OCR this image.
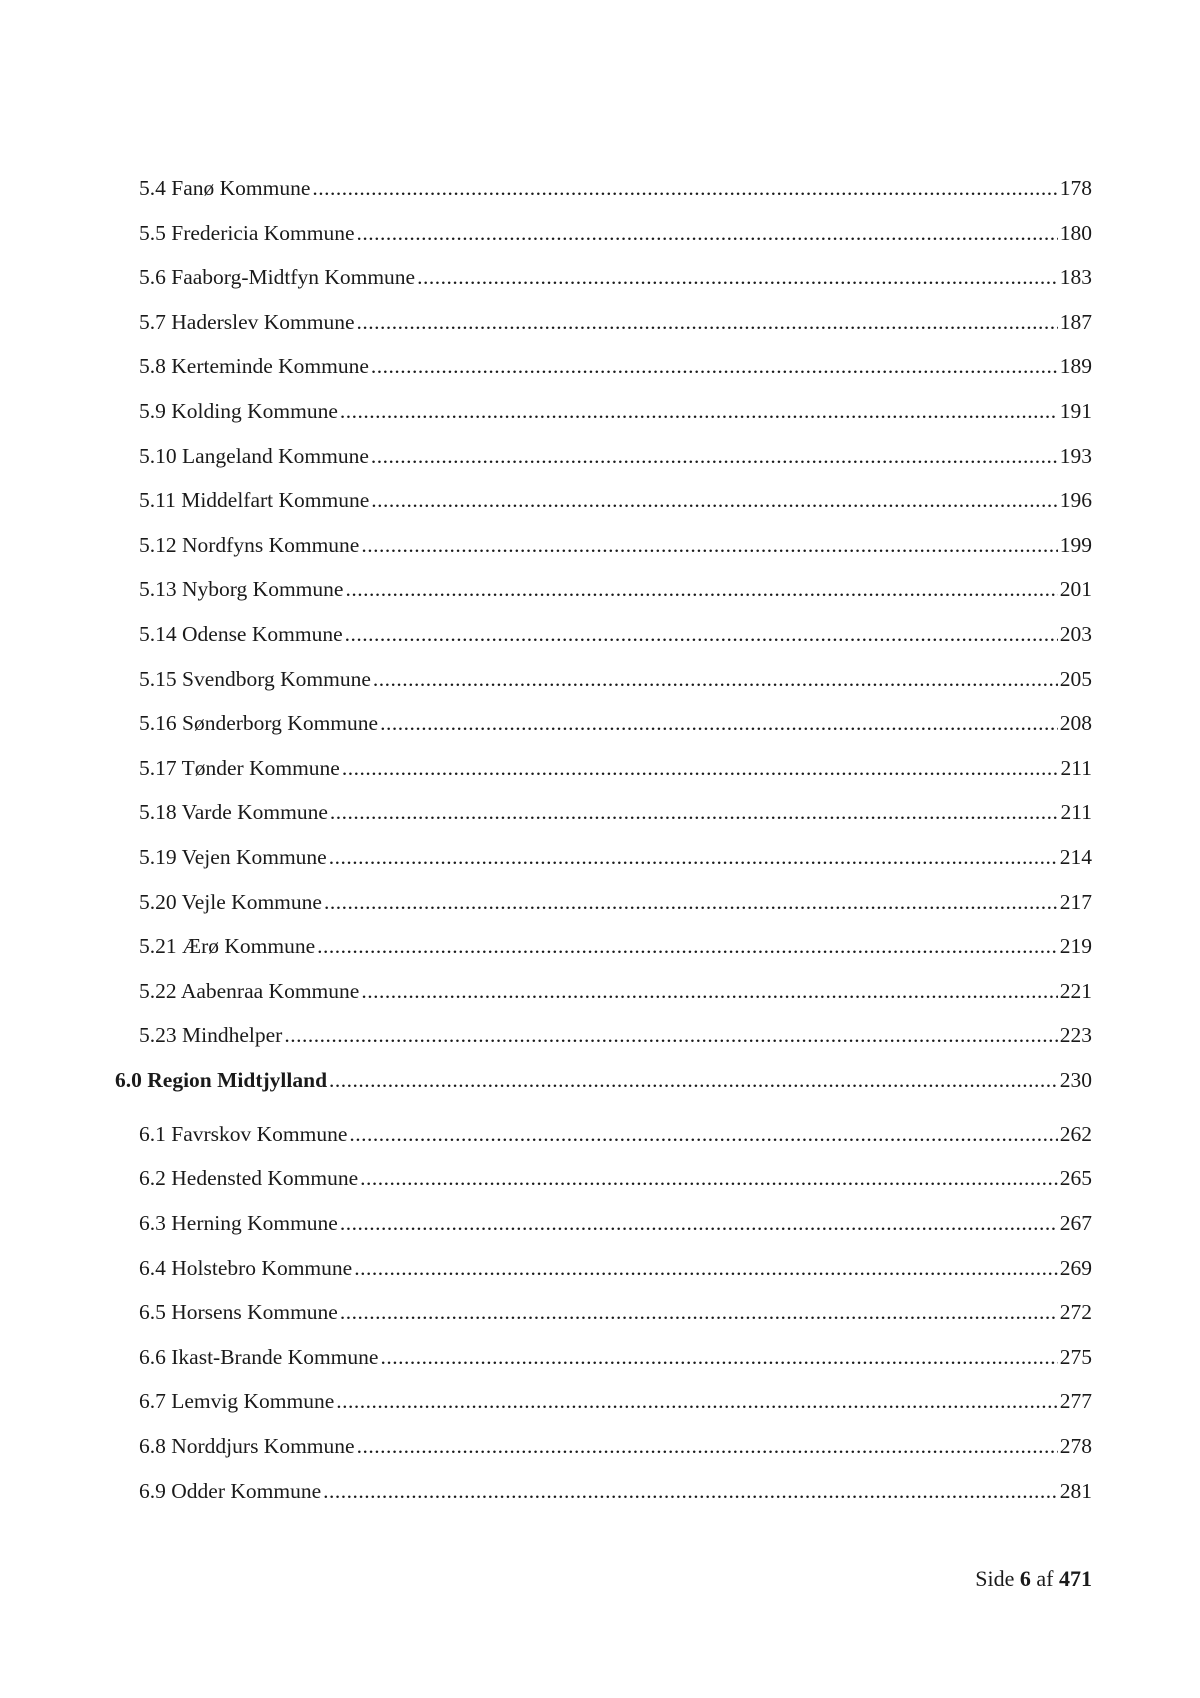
5.4 Fanø Kommune .....	178
5.5 Fredericia Kommune .....	180
5.6 Faaborg-Midtfyn Kommune .....	183
5.7 Haderslev Kommune .....	187
5.8 Kerteminde Kommune .....	189
5.9 Kolding Kommune .....	191
5.10 Langeland Kommune .....	193
5.11 Middelfart Kommune .....	196
5.12 Nordfyns Kommune .....	199
5.13 Nyborg Kommune .....	201
5.14 Odense Kommune .....	203
5.15 Svendborg Kommune .....	205
5.16 Sønderborg Kommune .....	208
5.17 Tønder Kommune .....	211
5.18 Varde Kommune .....	211
5.19 Vejen Kommune .....	214
5.20 Vejle Kommune .....	217
5.21 Ærø Kommune .....	219
5.22 Aabenraa Kommune .....	221
5.23 Mindhelper .....	223
6.0 Region Midtjylland .....	230
6.1 Favrskov Kommune .....	262
6.2 Hedensted Kommune .....	265
6.3 Herning Kommune .....	267
6.4 Holstebro Kommune .....	269
6.5 Horsens Kommune .....	272
6.6 Ikast-Brande Kommune .....	275
6.7 Lemvig Kommune .....	277
6.8 Norddjurs Kommune .....	278
6.9 Odder Kommune .....	281
Side 6 af 471
